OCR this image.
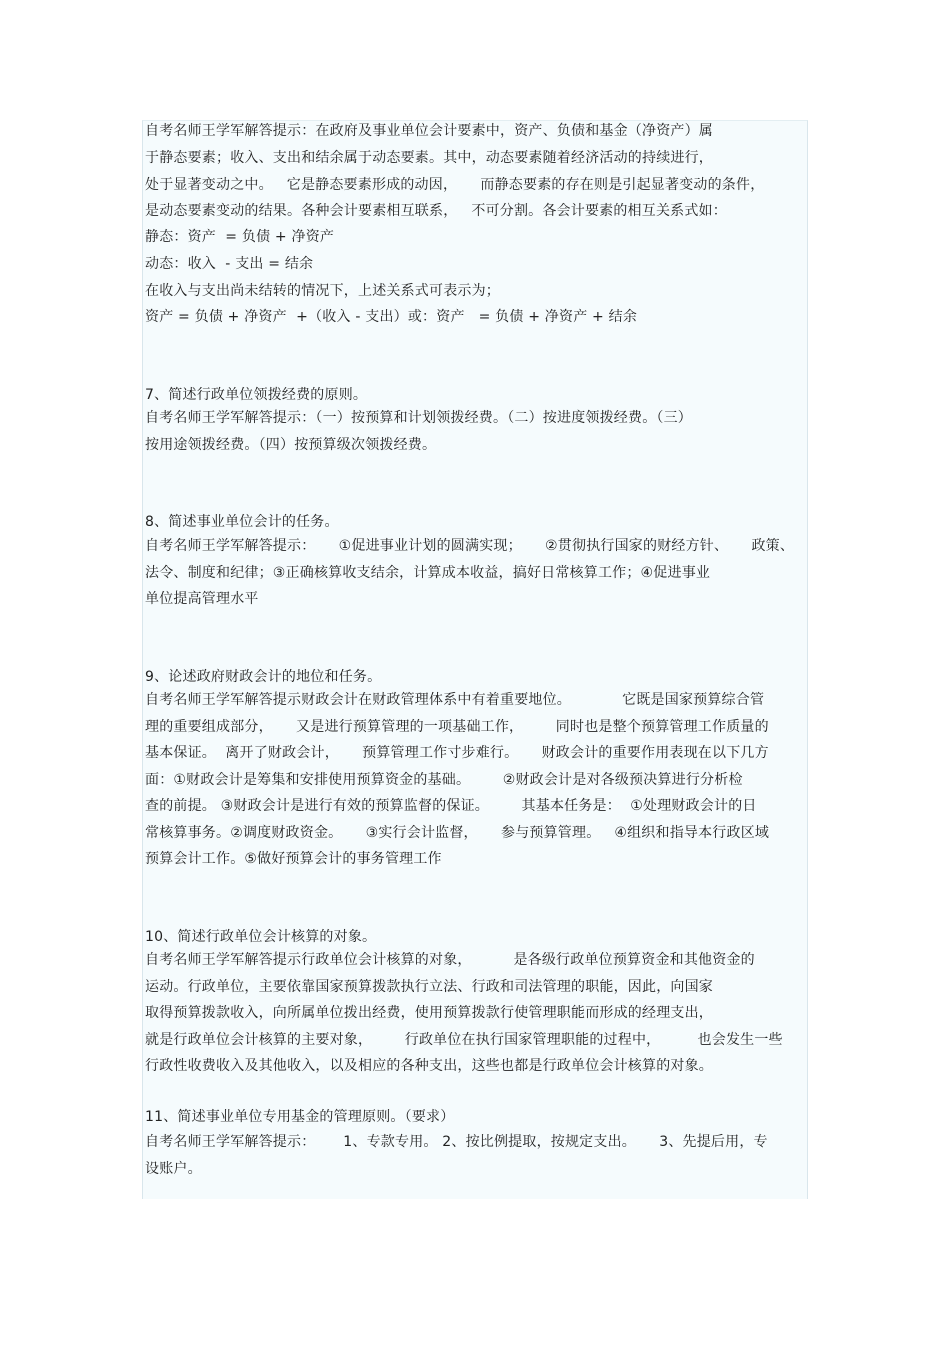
自考名师王学军解答提示：在政府及事业单位会计要素中，资产、负债和基金（净资产）属
于静态要素；收入、支出和结余属于动态要素。其中，动态要素随着经济活动的持续进行，
处于显著变动之中。   它是静态要素形成的动因，     而静态要素的存在则是引起显著变动的条件，
是动态要素变动的结果。各种会计要素相互联系，   不可分割。各会计要素的相互关系式如：
静态：资产  = 负债 + 净资产
动态：收入  - 支出 = 结余
在收入与支出尚未结转的情况下，上述关系式可表示为；
资产 = 负债 + 净资产  +（收入 - 支出）或：资产   = 负债 + 净资产 + 结余
7、简述行政单位领拨经费的原则。
自考名师王学军解答提示：（一）按预算和计划领拨经费。（二）按进度领拨经费。（三）
按用途领拨经费。（四）按预算级次领拨经费。
8、简述事业单位会计的任务。
自考名师王学军解答提示：     ①促进事业计划的圆满实现；     ②贯彻执行国家的财经方针、     政策、
法令、制度和纪律；③正确核算收支结余，计算成本收益，搞好日常核算工作；④促进事业
单位提高管理水平
9、论述政府财政会计的地位和任务。
自考名师王学军解答提示财政会计在财政管理体系中有着重要地位。           它既是国家预算综合管
理的重要组成部分，     又是进行预算管理的一项基础工作，       同时也是整个预算管理工作质量的
基本保证。  离开了财政会计，     预算管理工作寸步难行。     财政会计的重要作用表现在以下几方
面：①财政会计是筹集和安排使用预算资金的基础。       ②财政会计是对各级预决算进行分析检
查的前提。 ③财政会计是进行有效的预算监督的保证。       其基本任务是：  ①处理财政会计的日
常核算事务。②调度财政资金。     ③实行会计监督，     参与预算管理。   ④组织和指导本行政区域
预算会计工作。⑤做好预算会计的事务管理工作
10、简述行政单位会计核算的对象。
自考名师王学军解答提示行政单位会计核算的对象，         是各级行政单位预算资金和其他资金的
运动。行政单位，主要依靠国家预算拨款执行立法、行政和司法管理的职能，因此，向国家
取得预算拨款收入，向所属单位拨出经费，使用预算拨款行使管理职能而形成的经理支出，
就是行政单位会计核算的主要对象，       行政单位在执行国家管理职能的过程中，        也会发生一些
行政性收费收入及其他收入，以及相应的各种支出，这些也都是行政单位会计核算的对象。
11、简述事业单位专用基金的管理原则。（要求）
自考名师王学军解答提示：      1、专款专用。 2、按比例提取，按规定支出。     3、先提后用，专
设账户。
